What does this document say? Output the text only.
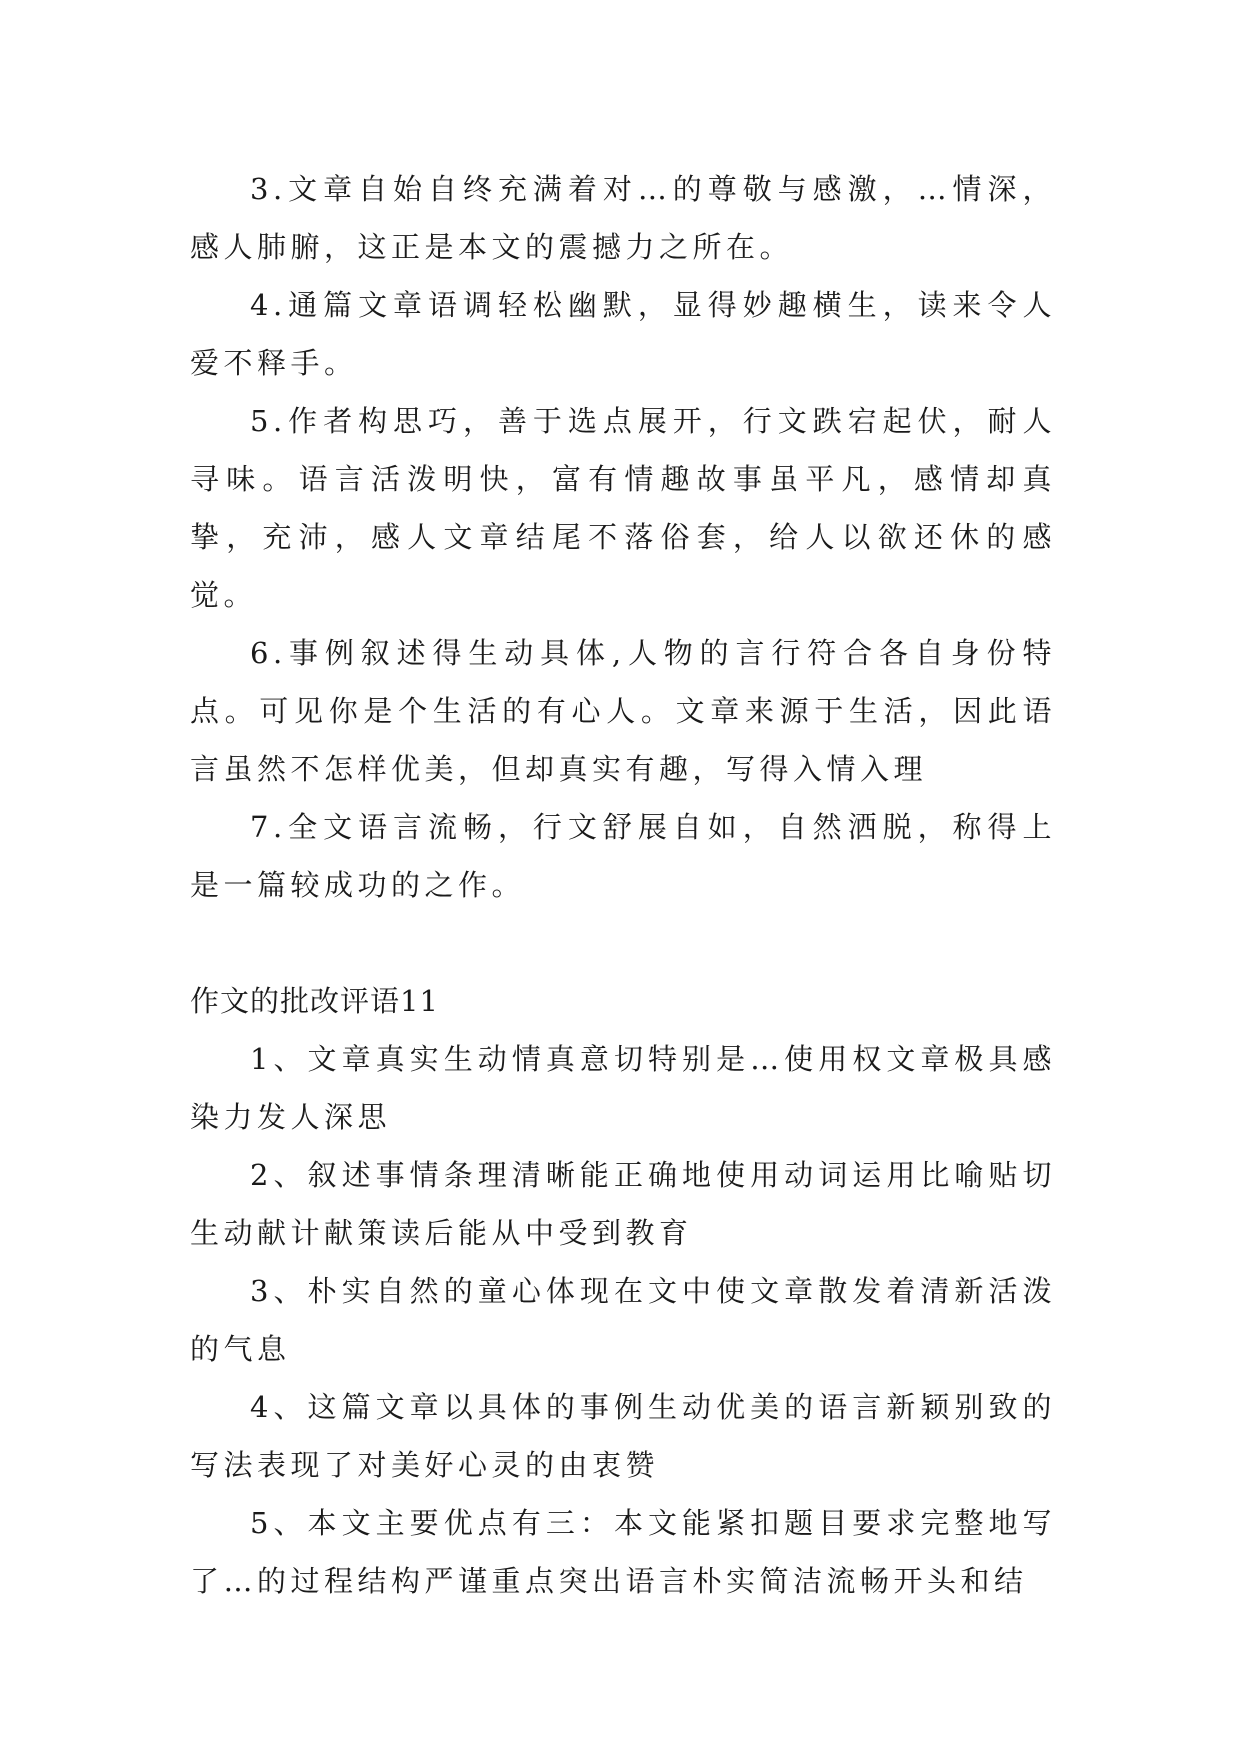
3.文章自始自终充满着对…的尊敬与感激，…情深，感人肺腑，这正是本文的震撼力之所在。

4.通篇文章语调轻松幽默，显得妙趣横生，读来令人爱不释手。

5.作者构思巧，善于选点展开，行文跌宕起伏，耐人寻味。语言活泼明快，富有情趣故事虽平凡，感情却真挚，充沛，感人文章结尾不落俗套，给人以欲还休的感觉。

6.事例叙述得生动具体,人物的言行符合各自身份特点。可见你是个生活的有心人。文章来源于生活，因此语言虽然不怎样优美，但却真实有趣，写得入情入理

7.全文语言流畅，行文舒展自如，自然洒脱，称得上是一篇较成功的之作。

作文的批改评语11

1、文章真实生动情真意切特别是…使用权文章极具感染力发人深思

2、叙述事情条理清晰能正确地使用动词运用比喻贴切生动献计献策读后能从中受到教育

3、朴实自然的童心体现在文中使文章散发着清新活泼的气息

4、这篇文章以具体的事例生动优美的语言新颖别致的写法表现了对美好心灵的由衷赞

5、本文主要优点有三：本文能紧扣题目要求完整地写了…的过程结构严谨重点突出语言朴实简洁流畅开头和结
